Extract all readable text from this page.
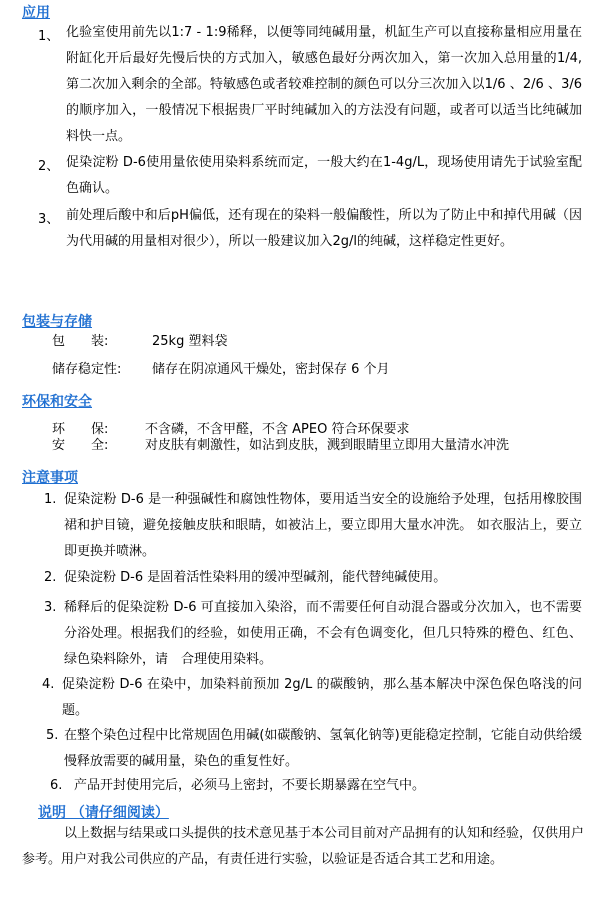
应用
1、 化验室使用前先以1:7 - 1:9稀释，以便等同纯碱用量，机缸生产可以直接称量相应用量在附缸化开后最好先慢后快的方式加入，敏感色最好分两次加入，第一次加入总用量的1/4,第二次加入剩余的全部。特敏感色或者较难控制的颜色可以分三次加入以1/6 、2/6 、3/6的顺序加入，一般情况下根据贵厂平时纯碱加入的方法没有问题，或者可以适当比纯碱加料快一点。
2、 促染淀粉 D-6使用量依使用染料系统而定，一般大约在1-4g/L，现场使用请先于试验室配色确认。
3、 前处理后酸中和后pH偏低，还有现在的染料一般偏酸性，所以为了防止中和掉代用碱（因为代用碱的用量相对很少），所以一般建议加入2g/l的纯碱，这样稳定性更好。
包装与存储
包　　装:	25kg 塑料袋
储存稳定性: 储存在阴凉通风干燥处，密封保存 6 个月
环保和安全
环　　保:	不含磷，不含甲醛，不含 APEO 符合环保要求
安　　全:	对皮肤有刺激性，如沾到皮肤，溅到眼睛里立即用大量清水冲洗
注意事项
1. 促染淀粉 D-6 是一种强碱性和腐蚀性物体，要用适当安全的设施给予处理，包括用橡胶围裙和护目镜，避免接触皮肤和眼睛，如被沾上，要立即用大量水冲洗。 如衣服沾上，要立即更换并喷淋。
2. 促染淀粉 D-6 是固着活性染料用的缓冲型碱剂，能代替纯碱使用。
3. 稀释后的促染淀粉 D-6 可直接加入染浴，而不需要任何自动混合器或分次加入，也不需要分浴处理。根据我们的经验，如使用正确，不会有色调变化，但几只特殊的橙色、红色、绿色染料除外，请　合理使用染料。
4. 促染淀粉 D-6 在染中，加染料前预加 2g/L 的碳酸钠，那么基本解决中深色保色咯浅的问题。
5. 在整个染色过程中比常规固色用碱(如碳酸钠、氢氧化钠等)更能稳定控制，它能自动供给缓慢释放需要的碱用量，染色的重复性好。
6. 产品开封使用完后，必须马上密封，不要长期暴露在空气中。
说明 （请仔细阅读）
以上数据与结果或口头提供的技术意见基于本公司目前对产品拥有的认知和经验，仅供用户参考。用户对我公司供应的产品，有责任进行实验，以验证是否适合其工艺和用途。
